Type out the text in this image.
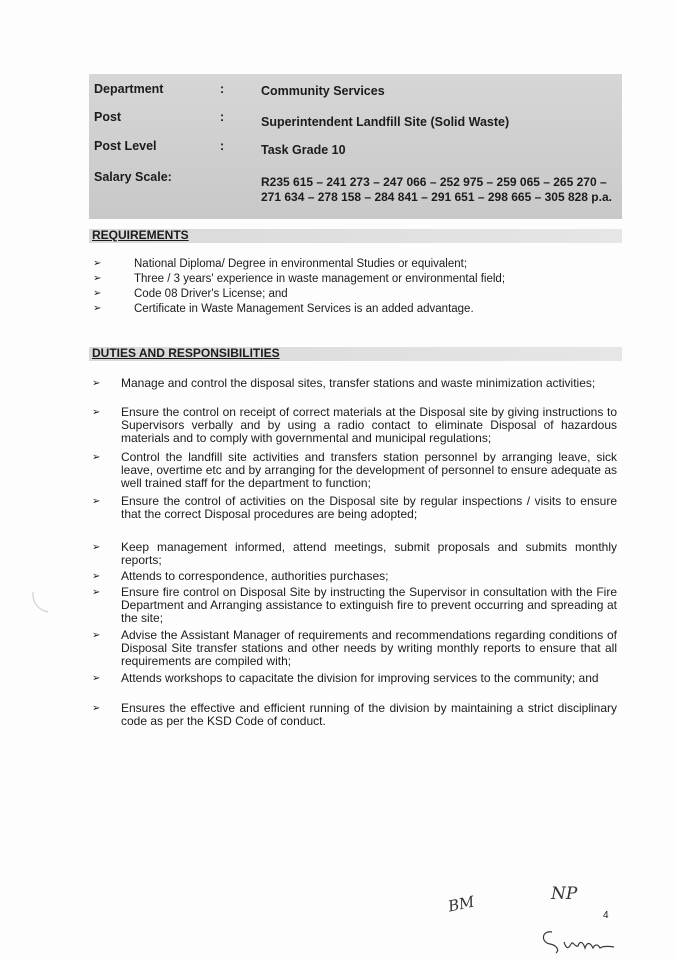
Department	:	Community Services
Post	:	Superintendent Landfill Site (Solid Waste)
Post Level	:	Task Grade 10
Salary Scale:	R235 615 – 241 273 – 247 066 – 252 975 – 259 065 – 265 270 – 271 634 – 278 158 – 284 841 – 291 651 – 298 665 – 305 828 p.a.
REQUIREMENTS
➢	National Diploma/ Degree in environmental Studies or equivalent;
➢	Three / 3 years' experience in waste management or environmental field;
➢	Code 08 Driver's License; and
➢	Certificate in Waste Management Services is an added advantage.
DUTIES AND RESPONSIBILITIES
➢ Manage and control the disposal sites, transfer stations and waste minimization activities;
➢ Ensure the control on receipt of correct materials at the Disposal site by giving instructions to Supervisors verbally and by using a radio contact to eliminate Disposal of hazardous materials and to comply with governmental and municipal regulations;
➢ Control the landfill site activities and transfers station personnel by arranging leave, sick leave, overtime etc and by arranging for the development of personnel to ensure adequate as well trained staff for the department to function;
➢ Ensure the control of activities on the Disposal site by regular inspections / visits to ensure that the correct Disposal procedures are being adopted;
➢ Keep management informed, attend meetings, submit proposals and submits monthly reports;
➢ Attends to correspondence, authorities purchases;
➢ Ensure fire control on Disposal Site by instructing the Supervisor in consultation with the Fire Department and Arranging assistance to extinguish fire to prevent occurring and spreading at the site;
➢ Advise the Assistant Manager of requirements and recommendations regarding conditions of Disposal Site transfer stations and other needs by writing monthly reports to ensure that all requirements are compiled with;
➢ Attends workshops to capacitate the division for improving services to the community; and
➢ Ensures the effective and efficient running of the division by maintaining a strict disciplinary code as per the KSD Code of conduct.
BM	NP
4
